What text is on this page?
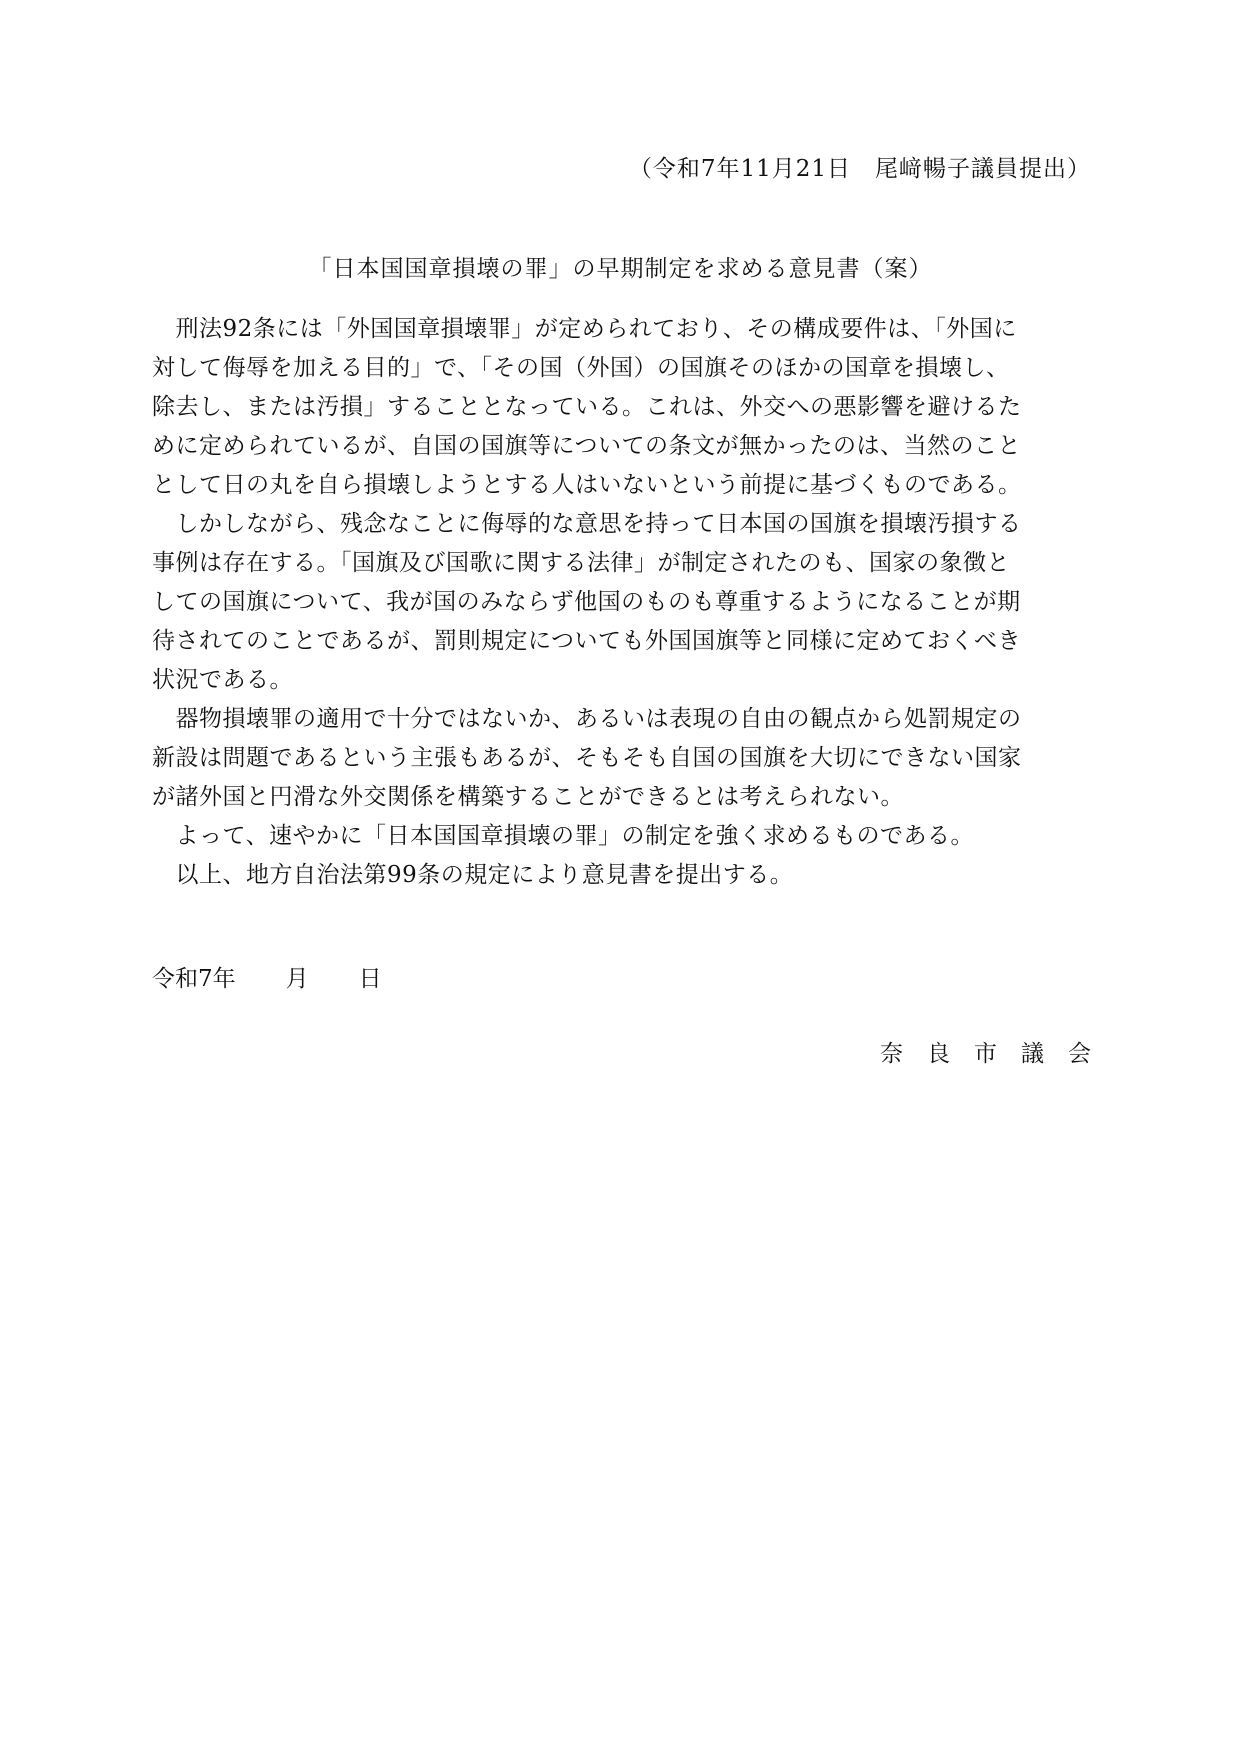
（令和7年11月21日　尾﨑暢子議員提出）
「日本国国章損壊の罪」の早期制定を求める意見書（案）
　刑法92条には「外国国章損壊罪」が定められており、その構成要件は、「外国に
対して侮辱を加える目的」で、「その国（外国）の国旗そのほかの国章を損壊し、
除去し、または汚損」することとなっている。これは、外交への悪影響を避けるた
めに定められているが、自国の国旗等についての条文が無かったのは、当然のこと
として日の丸を自ら損壊しようとする人はいないという前提に基づくものである。
　しかしながら、残念なことに侮辱的な意思を持って日本国の国旗を損壊汚損する
事例は存在する。「国旗及び国歌に関する法律」が制定されたのも、国家の象徴と
しての国旗について、我が国のみならず他国のものも尊重するようになることが期
待されてのことであるが、罰則規定についても外国国旗等と同様に定めておくべき
状況である。
　器物損壊罪の適用で十分ではないか、あるいは表現の自由の観点から処罰規定の
新設は問題であるという主張もあるが、そもそも自国の国旗を大切にできない国家
が諸外国と円滑な外交関係を構築することができるとは考えられない。
　よって、速やかに「日本国国章損壊の罪」の制定を強く求めるものである。
　以上、地方自治法第99条の規定により意見書を提出する。
令和7年 月 日
奈良市議会
